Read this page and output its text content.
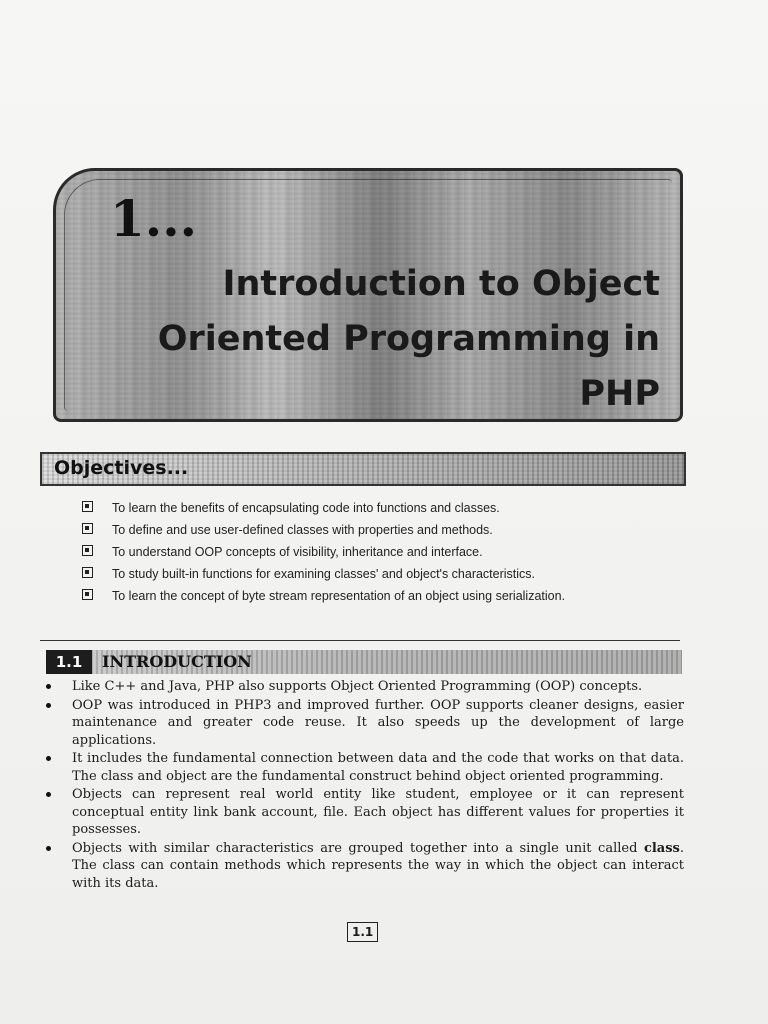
1...
Introduction to Object Oriented Programming in PHP
Objectives...
To learn the benefits of encapsulating code into functions and classes.
To define and use user-defined classes with properties and methods.
To understand OOP concepts of visibility, inheritance and interface.
To study built-in functions for examining classes' and object's characteristics.
To learn the concept of byte stream representation of an object using serialization.
1.1	INTRODUCTION
Like C++ and Java, PHP also supports Object Oriented Programming (OOP) concepts.
OOP was introduced in PHP3 and improved further. OOP supports cleaner designs, easier maintenance and greater code reuse. It also speeds up the development of large applications.
It includes the fundamental connection between data and the code that works on that data. The class and object are the fundamental construct behind object oriented programming.
Objects can represent real world entity like student, employee or it can represent conceptual entity link bank account, file. Each object has different values for properties it possesses.
Objects with similar characteristics are grouped together into a single unit called class. The class can contain methods which represents the way in which the object can interact with its data.
1.1
